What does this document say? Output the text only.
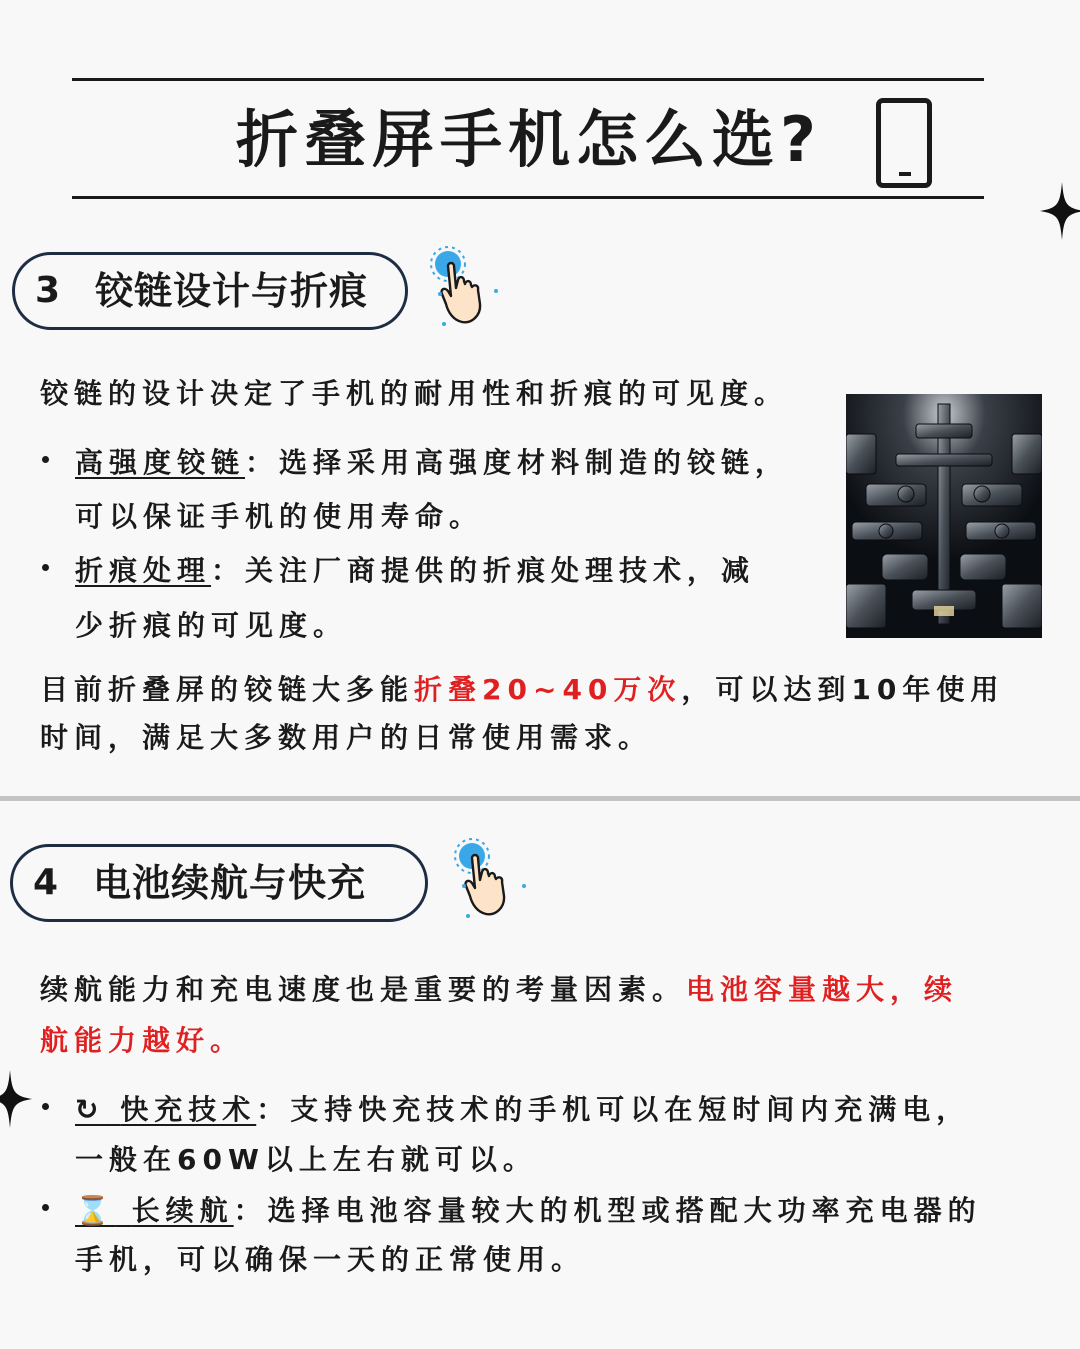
折叠屏手机怎么选?
3 铰链设计与折痕
铰链的设计决定了手机的耐用性和折痕的可见度。
高强度铰链：选择采用高强度材料制造的铰链，
可以保证手机的使用寿命。
折痕处理：关注厂商提供的折痕处理技术，减
少折痕的可见度。
目前折叠屏的铰链大多能折叠20~40万次，可以达到10年使用
时间，满足大多数用户的日常使用需求。
4 电池续航与快充
续航能力和充电速度也是重要的考量因素。电池容量越大，续
航能力越好。
↻ 快充技术：支持快充技术的手机可以在短时间内充满电，
一般在60W以上左右就可以。
⌛ 长续航：选择电池容量较大的机型或搭配大功率充电器的
手机，可以确保一天的正常使用。
